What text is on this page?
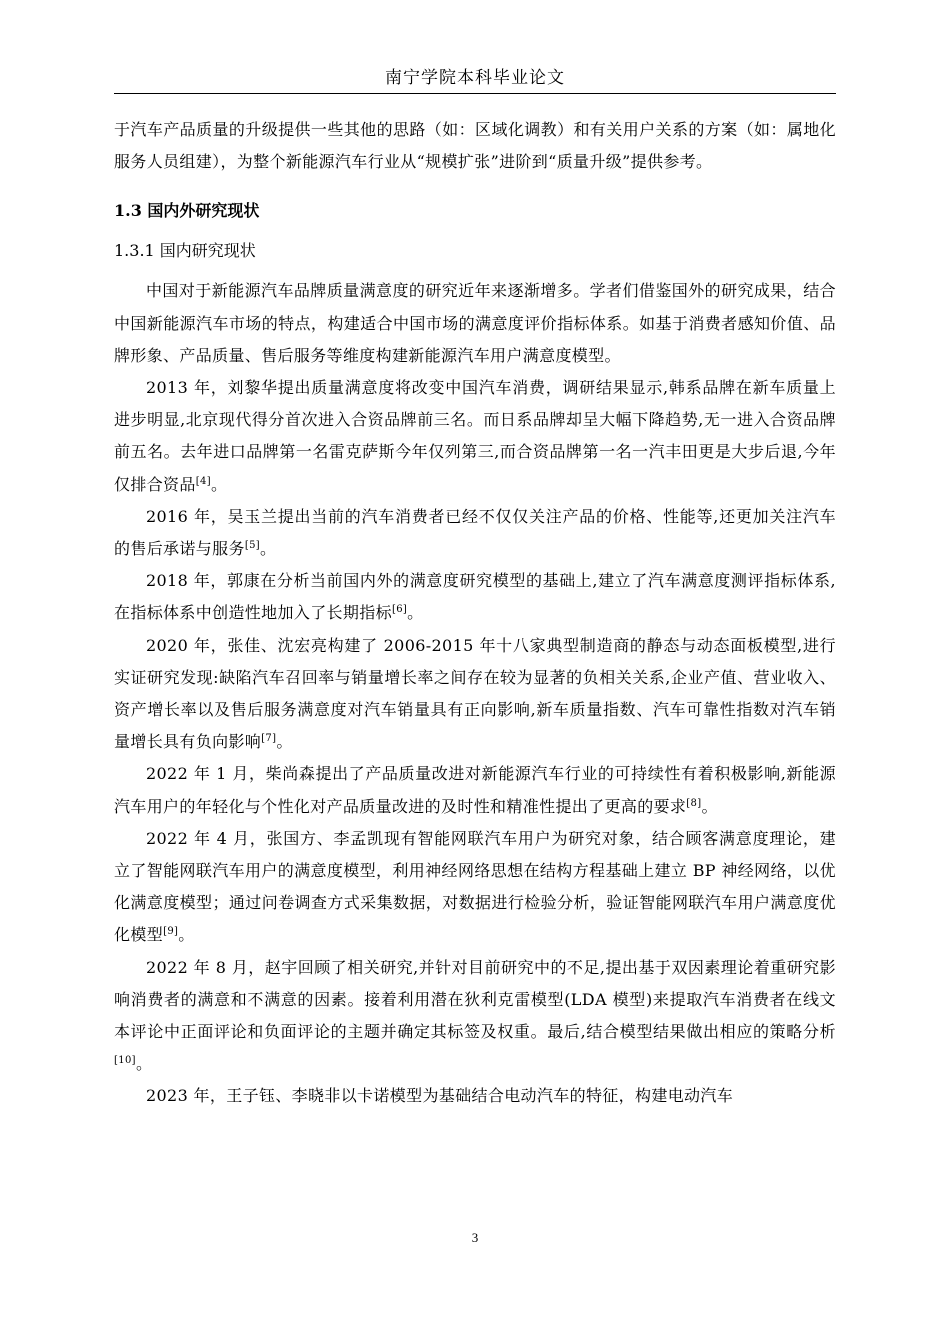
南宁学院本科毕业论文

于汽车产品质量的升级提供一些其他的思路（如：区域化调教）和有关用户关系的方案（如：属地化服务人员组建），为整个新能源汽车行业从“规模扩张”进阶到“质量升级”提供参考。

1.3 国内外研究现状

1.3.1 国内研究现状

中国对于新能源汽车品牌质量满意度的研究近年来逐渐增多。学者们借鉴国外的研究成果，结合中国新能源汽车市场的特点，构建适合中国市场的满意度评价指标体系。如基于消费者感知价值、品牌形象、产品质量、售后服务等维度构建新能源汽车用户满意度模型。

2013 年，刘黎华提出质量满意度将改变中国汽车消费，调研结果显示,韩系品牌在新车质量上进步明显,北京现代得分首次进入合资品牌前三名。而日系品牌却呈大幅下降趋势,无一进入合资品牌前五名。去年进口品牌第一名雷克萨斯今年仅列第三,而合资品牌第一名一汽丰田更是大步后退,今年仅排合资品[4]。

2016 年，吴玉兰提出当前的汽车消费者已经不仅仅关注产品的价格、性能等,还更加关注汽车的售后承诺与服务[5]。

2018 年，郭康在分析当前国内外的满意度研究模型的基础上,建立了汽车满意度测评指标体系,在指标体系中创造性地加入了长期指标[6]。

2020 年，张佳、沈宏亮构建了 2006-2015 年十八家典型制造商的静态与动态面板模型,进行实证研究发现:缺陷汽车召回率与销量增长率之间存在较为显著的负相关关系,企业产值、营业收入、资产增长率以及售后服务满意度对汽车销量具有正向影响,新车质量指数、汽车可靠性指数对汽车销量增长具有负向影响[7]。

2022 年 1 月，柴尚森提出了产品质量改进对新能源汽车行业的可持续性有着积极影响,新能源汽车用户的年轻化与个性化对产品质量改进的及时性和精准性提出了更高的要求[8]。

2022 年 4 月，张国方、李孟凯现有智能网联汽车用户为研究对象，结合顾客满意度理论，建立了智能网联汽车用户的满意度模型，利用神经网络思想在结构方程基础上建立 BP 神经网络，以优化满意度模型；通过问卷调查方式采集数据，对数据进行检验分析，验证智能网联汽车用户满意度优化模型[9]。

2022 年 8 月，赵宇回顾了相关研究,并针对目前研究中的不足,提出基于双因素理论着重研究影响消费者的满意和不满意的因素。接着利用潜在狄利克雷模型(LDA 模型)来提取汽车消费者在线文本评论中正面评论和负面评论的主题并确定其标签及权重。最后,结合模型结果做出相应的策略分析[10]。

2023 年，王子钰、李晓非以卡诺模型为基础结合电动汽车的特征，构建电动汽车

3
